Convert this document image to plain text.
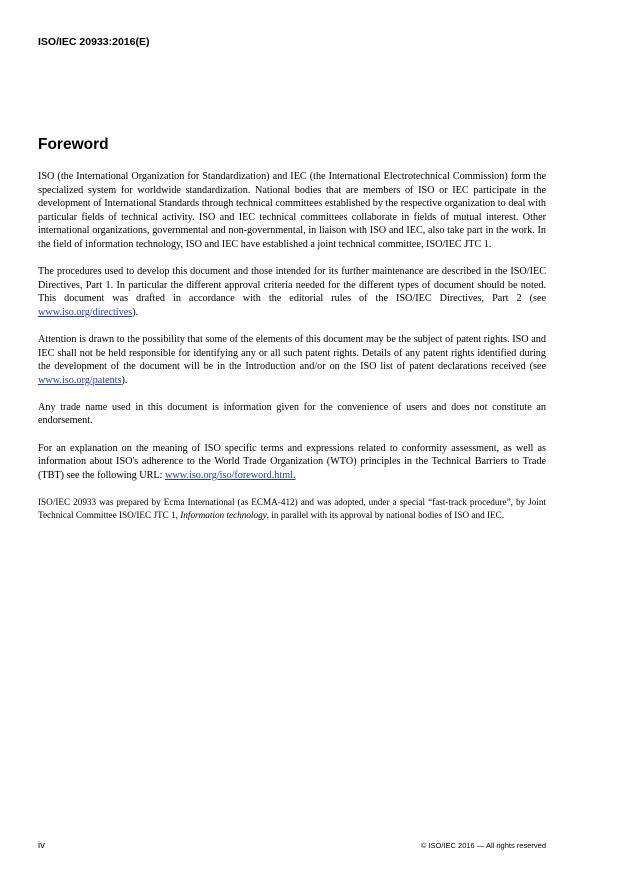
ISO/IEC 20933:2016(E)
Foreword

ISO (the International Organization for Standardization) and IEC (the International Electrotechnical Commission) form the specialized system for worldwide standardization. National bodies that are members of ISO or IEC participate in the development of International Standards through technical committees established by the respective organization to deal with particular fields of technical activity. ISO and IEC technical committees collaborate in fields of mutual interest. Other international organizations, governmental and non-governmental, in liaison with ISO and IEC, also take part in the work. In the field of information technology, ISO and IEC have established a joint technical committee, ISO/IEC JTC 1.

The procedures used to develop this document and those intended for its further maintenance are described in the ISO/IEC Directives, Part 1. In particular the different approval criteria needed for the different types of document should be noted. This document was drafted in accordance with the editorial rules of the ISO/IEC Directives, Part 2 (see www.iso.org/directives).

Attention is drawn to the possibility that some of the elements of this document may be the subject of patent rights. ISO and IEC shall not be held responsible for identifying any or all such patent rights. Details of any patent rights identified during the development of the document will be in the Introduction and/or on the ISO list of patent declarations received (see www.iso.org/patents).

Any trade name used in this document is information given for the convenience of users and does not constitute an endorsement.

For an explanation on the meaning of ISO specific terms and expressions related to conformity assessment, as well as information about ISO's adherence to the World Trade Organization (WTO) principles in the Technical Barriers to Trade (TBT) see the following URL: www.iso.org/iso/foreword.html.

ISO/IEC 20933 was prepared by Ecma International (as ECMA-412) and was adopted, under a special “fast-track procedure”, by Joint Technical Committee ISO/IEC JTC 1, Information technology, in parallel with its approval by national bodies of ISO and IEC.

iv	© ISO/IEC 2016 — All rights reserved
